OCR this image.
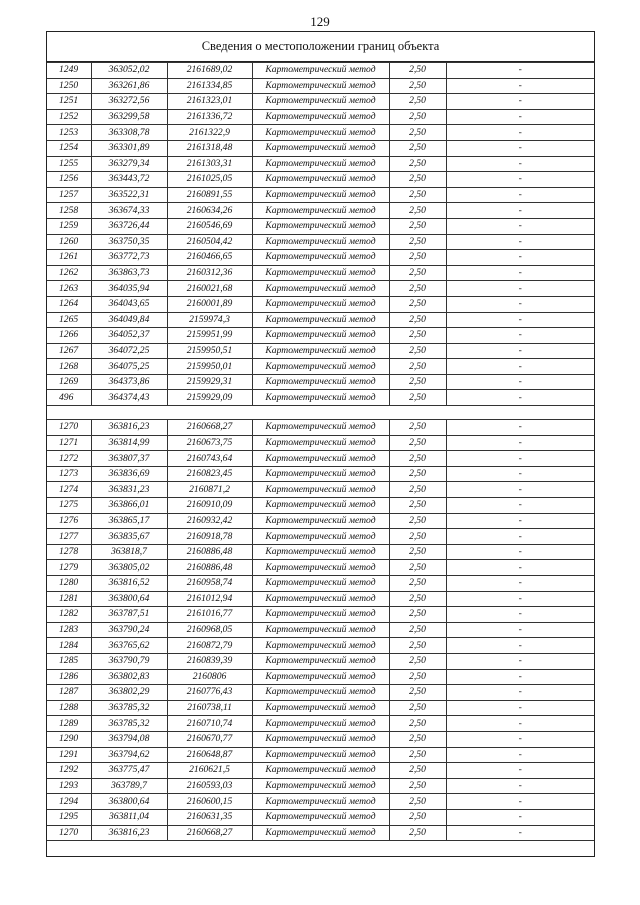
129
Сведения о местоположении границ объекта
1249	363052,02	2161689,02	Картометрический метод	2,50	-
1250	363261,86	2161334,85	Картометрический метод	2,50	-
1251	363272,56	2161323,01	Картометрический метод	2,50	-
1252	363299,58	2161336,72	Картометрический метод	2,50	-
1253	363308,78	2161322,9	Картометрический метод	2,50	-
1254	363301,89	2161318,48	Картометрический метод	2,50	-
1255	363279,34	2161303,31	Картометрический метод	2,50	-
1256	363443,72	2161025,05	Картометрический метод	2,50	-
1257	363522,31	2160891,55	Картометрический метод	2,50	-
1258	363674,33	2160634,26	Картометрический метод	2,50	-
1259	363726,44	2160546,69	Картометрический метод	2,50	-
1260	363750,35	2160504,42	Картометрический метод	2,50	-
1261	363772,73	2160466,65	Картометрический метод	2,50	-
1262	363863,73	2160312,36	Картометрический метод	2,50	-
1263	364035,94	2160021,68	Картометрический метод	2,50	-
1264	364043,65	2160001,89	Картометрический метод	2,50	-
1265	364049,84	2159974,3	Картометрический метод	2,50	-
1266	364052,37	2159951,99	Картометрический метод	2,50	-
1267	364072,25	2159950,51	Картометрический метод	2,50	-
1268	364075,25	2159950,01	Картометрический метод	2,50	-
1269	364373,86	2159929,31	Картометрический метод	2,50	-
496	364374,43	2159929,09	Картометрический метод	2,50	-

1270	363816,23	2160668,27	Картометрический метод	2,50	-
1271	363814,99	2160673,75	Картометрический метод	2,50	-
1272	363807,37	2160743,64	Картометрический метод	2,50	-
1273	363836,69	2160823,45	Картометрический метод	2,50	-
1274	363831,23	2160871,2	Картометрический метод	2,50	-
1275	363866,01	2160910,09	Картометрический метод	2,50	-
1276	363865,17	2160932,42	Картометрический метод	2,50	-
1277	363835,67	2160918,78	Картометрический метод	2,50	-
1278	363818,7	2160886,48	Картометрический метод	2,50	-
1279	363805,02	2160886,48	Картометрический метод	2,50	-
1280	363816,52	2160958,74	Картометрический метод	2,50	-
1281	363800,64	2161012,94	Картометрический метод	2,50	-
1282	363787,51	2161016,77	Картометрический метод	2,50	-
1283	363790,24	2160968,05	Картометрический метод	2,50	-
1284	363765,62	2160872,79	Картометрический метод	2,50	-
1285	363790,79	2160839,39	Картометрический метод	2,50	-
1286	363802,83	2160806	Картометрический метод	2,50	-
1287	363802,29	2160776,43	Картометрический метод	2,50	-
1288	363785,32	2160738,11	Картометрический метод	2,50	-
1289	363785,32	2160710,74	Картометрический метод	2,50	-
1290	363794,08	2160670,77	Картометрический метод	2,50	-
1291	363794,62	2160648,87	Картометрический метод	2,50	-
1292	363775,47	2160621,5	Картометрический метод	2,50	-
1293	363789,7	2160593,03	Картометрический метод	2,50	-
1294	363800,64	2160600,15	Картометрический метод	2,50	-
1295	363811,04	2160631,35	Картометрический метод	2,50	-
1270	363816,23	2160668,27	Картометрический метод	2,50	-
